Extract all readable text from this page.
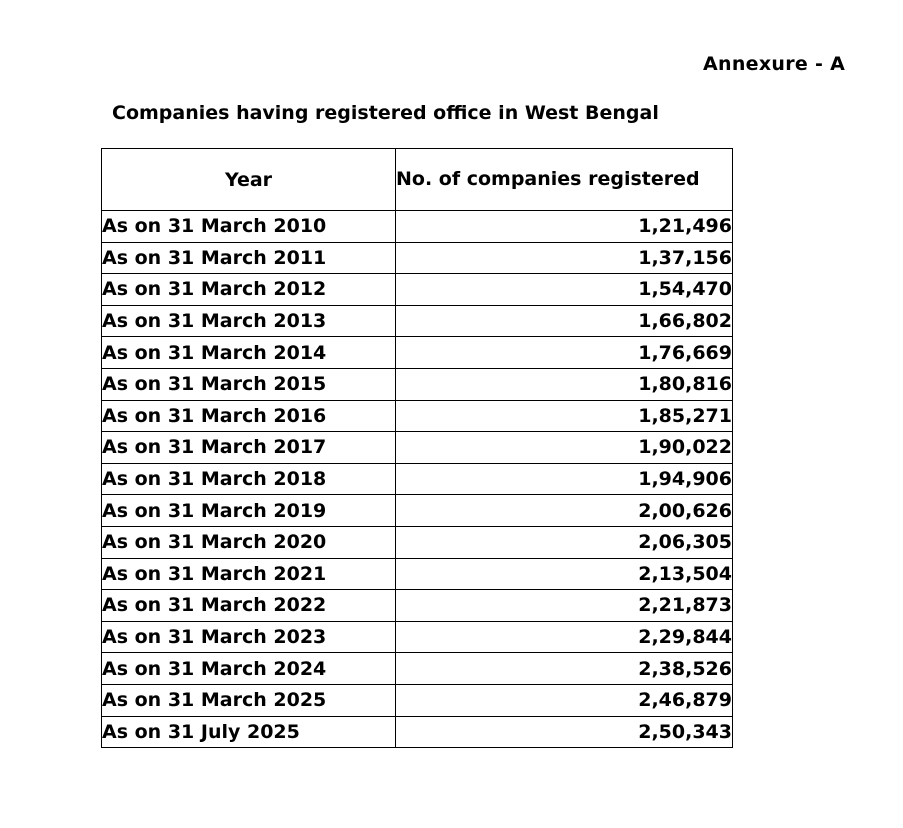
Annexure - A
Companies having registered office in West Bengal
Year	No. of companies registered
As on 31 March 2010	1,21,496
As on 31 March 2011	1,37,156
As on 31 March 2012	1,54,470
As on 31 March 2013	1,66,802
As on 31 March 2014	1,76,669
As on 31 March 2015	1,80,816
As on 31 March 2016	1,85,271
As on 31 March 2017	1,90,022
As on 31 March 2018	1,94,906
As on 31 March 2019	2,00,626
As on 31 March 2020	2,06,305
As on 31 March 2021	2,13,504
As on 31 March 2022	2,21,873
As on 31 March 2023	2,29,844
As on 31 March 2024	2,38,526
As on 31 March 2025	2,46,879
As on 31 July 2025	2,50,343
